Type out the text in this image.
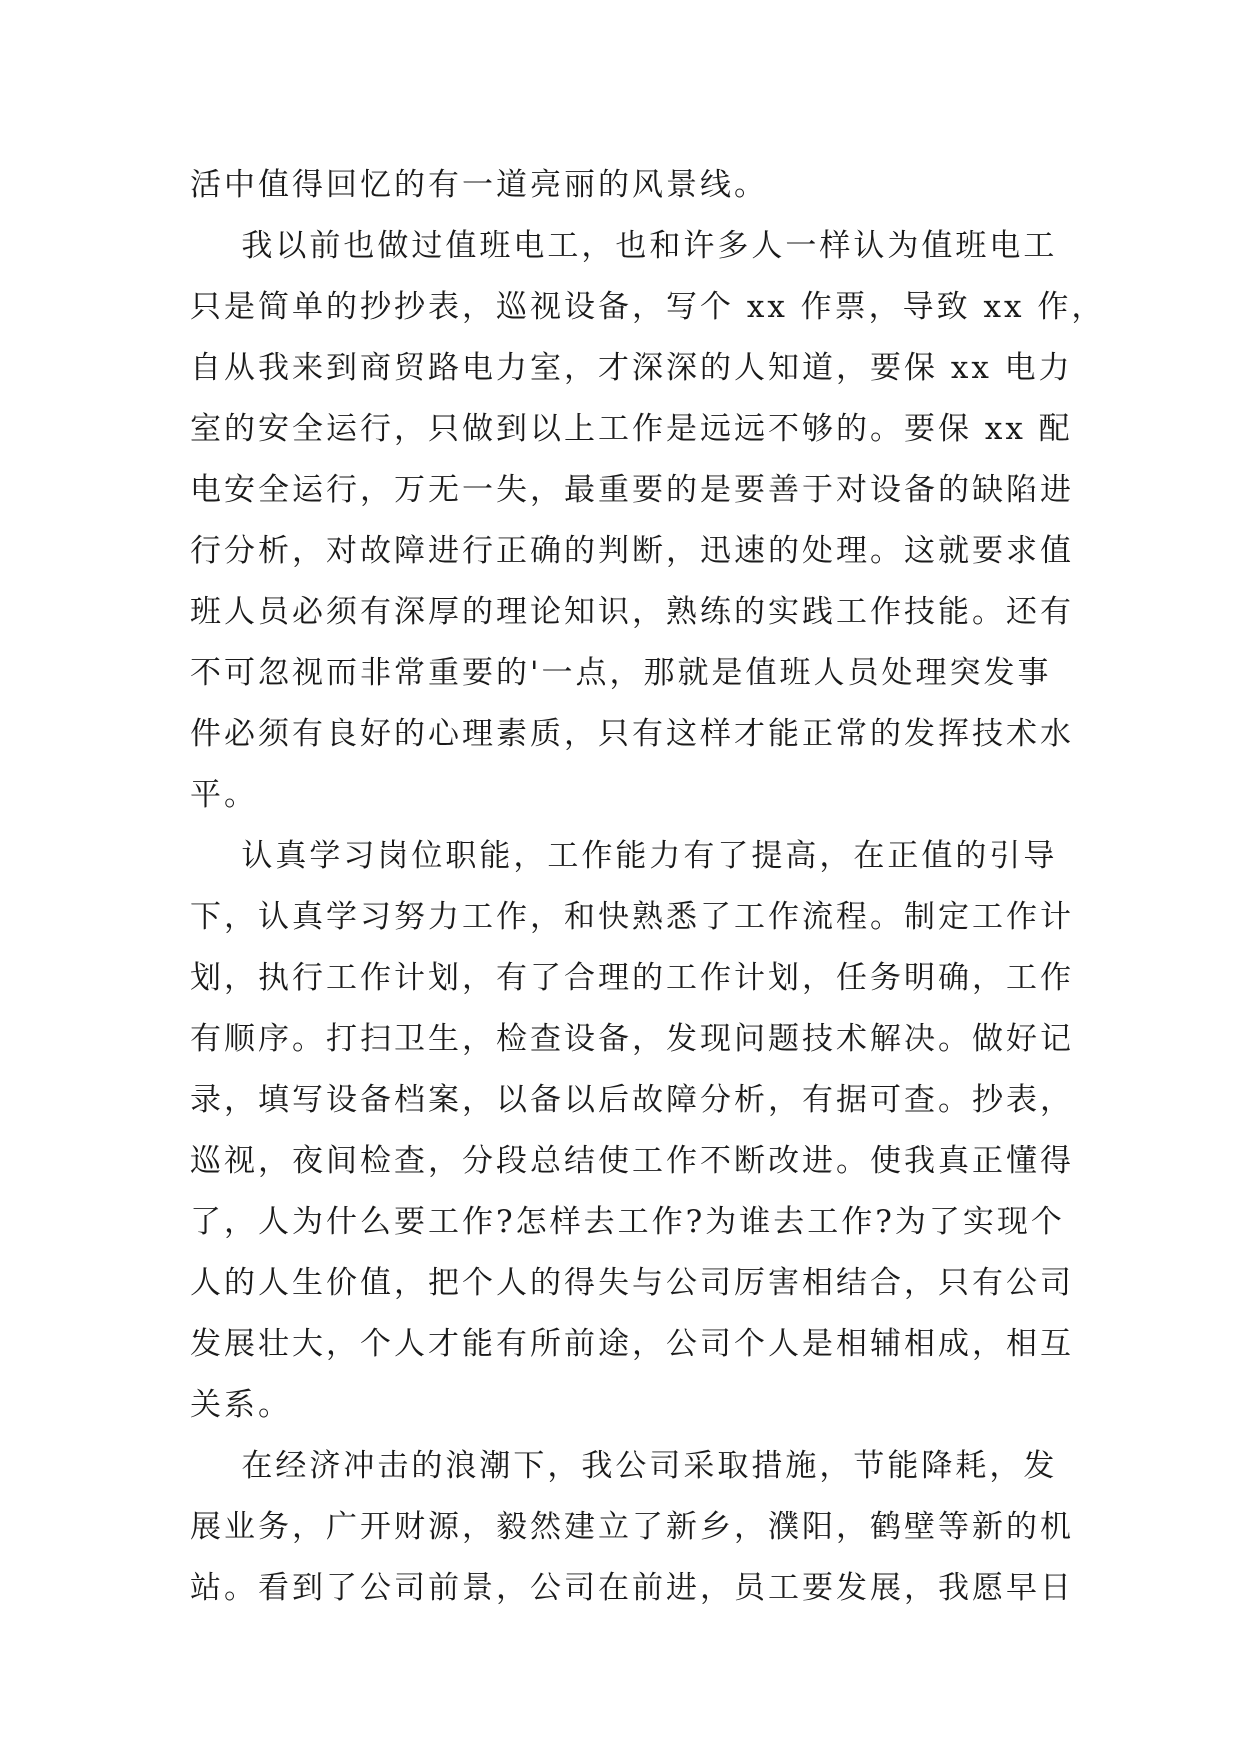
活中值得回忆的有一道亮丽的风景线。
我以前也做过值班电工，也和许多人一样认为值班电工
只是简单的抄抄表，巡视设备，写个 xx 作票，导致 xx 作，
自从我来到商贸路电力室，才深深的人知道，要保 xx 电力
室的安全运行，只做到以上工作是远远不够的。要保 xx 配
电安全运行，万无一失，最重要的是要善于对设备的缺陷进
行分析，对故障进行正确的判断，迅速的处理。这就要求值
班人员必须有深厚的理论知识，熟练的实践工作技能。还有
不可忽视而非常重要的'一点，那就是值班人员处理突发事
件必须有良好的心理素质，只有这样才能正常的发挥技术水
平。
认真学习岗位职能，工作能力有了提高，在正值的引导
下，认真学习努力工作，和快熟悉了工作流程。制定工作计
划，执行工作计划，有了合理的工作计划，任务明确，工作
有顺序。打扫卫生，检查设备，发现问题技术解决。做好记
录，填写设备档案，以备以后故障分析，有据可查。抄表，
巡视，夜间检查，分段总结使工作不断改进。使我真正懂得
了，人为什么要工作?怎样去工作?为谁去工作?为了实现个
人的人生价值，把个人的得失与公司厉害相结合，只有公司
发展壮大，个人才能有所前途，公司个人是相辅相成，相互
关系。
在经济冲击的浪潮下，我公司采取措施，节能降耗，发
展业务，广开财源，毅然建立了新乡，濮阳，鹤壁等新的机
站。看到了公司前景，公司在前进，员工要发展，我愿早日
